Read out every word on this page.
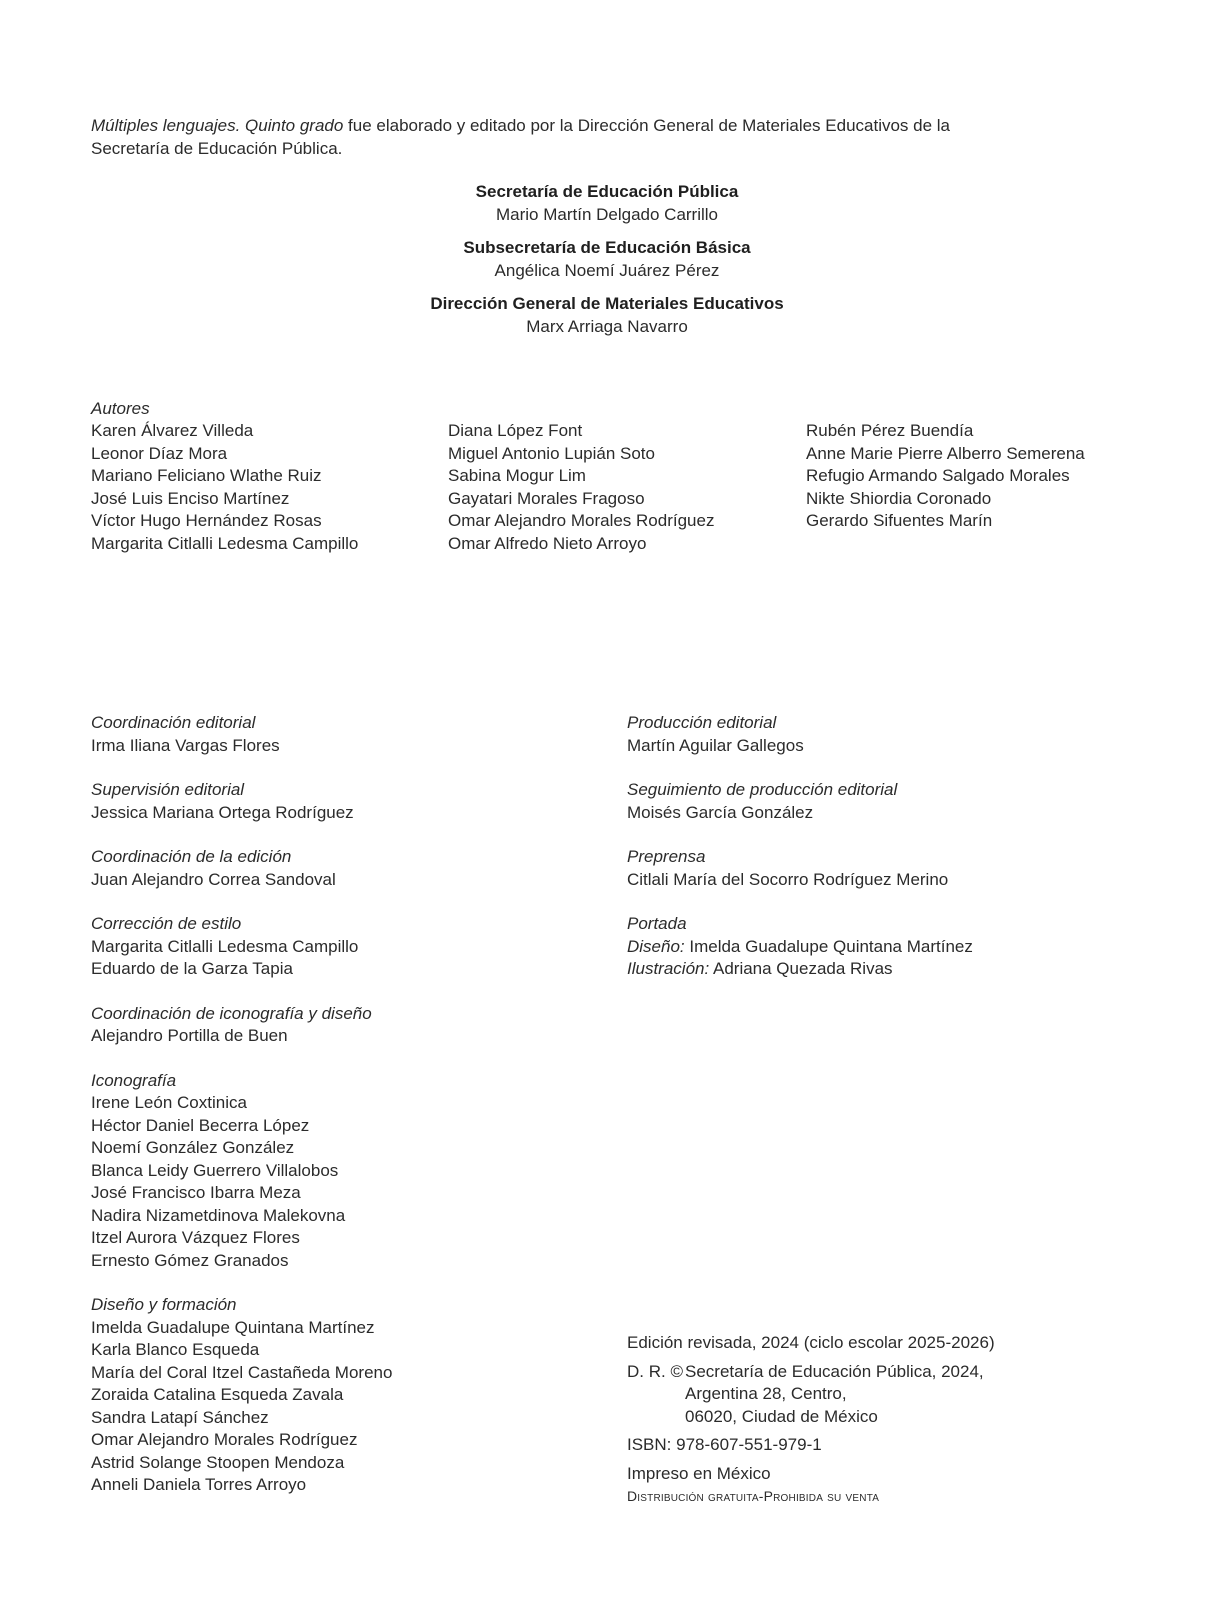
Múltiples lenguajes. Quinto grado fue elaborado y editado por la Dirección General de Materiales Educativos de la Secretaría de Educación Pública.
Secretaría de Educación Pública
Mario Martín Delgado Carrillo
Subsecretaría de Educación Básica
Angélica Noemí Juárez Pérez
Dirección General de Materiales Educativos
Marx Arriaga Navarro
Autores
Karen Álvarez Villeda
Leonor Díaz Mora
Mariano Feliciano Wlathe Ruiz
José Luis Enciso Martínez
Víctor Hugo Hernández Rosas
Margarita Citlalli Ledesma Campillo
Diana López Font
Miguel Antonio Lupián Soto
Sabina Mogur Lim
Gayatari Morales Fragoso
Omar Alejandro Morales Rodríguez
Omar Alfredo Nieto Arroyo
Rubén Pérez Buendía
Anne Marie Pierre Alberro Semerena
Refugio Armando Salgado Morales
Nikte Shiordia Coronado
Gerardo Sifuentes Marín
Coordinación editorial
Irma Iliana Vargas Flores
Supervisión editorial
Jessica Mariana Ortega Rodríguez
Coordinación de la edición
Juan Alejandro Correa Sandoval
Corrección de estilo
Margarita Citlalli Ledesma Campillo
Eduardo de la Garza Tapia
Coordinación de iconografía y diseño
Alejandro Portilla de Buen
Iconografía
Irene León Coxtinica
Héctor Daniel Becerra López
Noemí González González
Blanca Leidy Guerrero Villalobos
José Francisco Ibarra Meza
Nadira Nizametdinova Malekovna
Itzel Aurora Vázquez Flores
Ernesto Gómez Granados
Diseño y formación
Imelda Guadalupe Quintana Martínez
Karla Blanco Esqueda
María del Coral Itzel Castañeda Moreno
Zoraida Catalina Esqueda Zavala
Sandra Latapí Sánchez
Omar Alejandro Morales Rodríguez
Astrid Solange Stoopen Mendoza
Anneli Daniela Torres Arroyo
Producción editorial
Martín Aguilar Gallegos
Seguimiento de producción editorial
Moisés García González
Preprensa
Citlali María del Socorro Rodríguez Merino
Portada
Diseño: Imelda Guadalupe Quintana Martínez
Ilustración: Adriana Quezada Rivas
Edición revisada, 2024 (ciclo escolar 2025-2026)
D. R. © Secretaría de Educación Pública, 2024,
Argentina 28, Centro,
06020, Ciudad de México
ISBN: 978-607-551-979-1
Impreso en México
Distribución gratuita-Prohibida su venta
